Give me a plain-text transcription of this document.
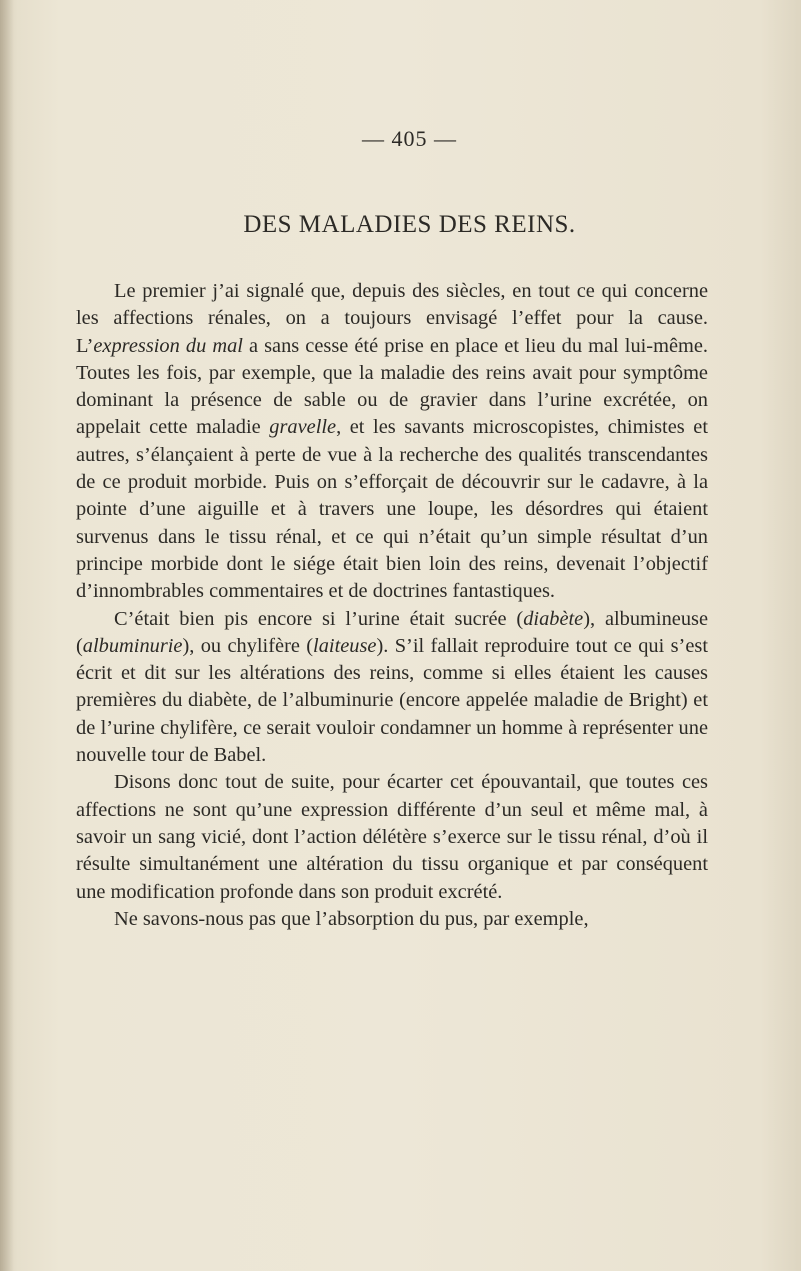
— 405 —
DES MALADIES DES REINS.

Le premier j’ai signalé que, depuis des siècles, en tout ce qui concerne les affections rénales, on a toujours envisagé l’effet pour la cause. L’expression du mal a sans cesse été prise en place et lieu du mal lui-même. Toutes les fois, par exemple, que la maladie des reins avait pour symptôme dominant la présence de sable ou de gravier dans l’urine excrétée, on appelait cette maladie gravelle, et les savants microscopistes, chimistes et autres, s’élançaient à perte de vue à la recherche des qualités transcendantes de ce produit morbide. Puis on s’efforçait de découvrir sur le cadavre, à la pointe d’une aiguille et à travers une loupe, les désordres qui étaient survenus dans le tissu rénal, et ce qui n’était qu’un simple résultat d’un principe morbide dont le siége était bien loin des reins, devenait l’objectif d’innombrables commentaires et de doctrines fantastiques.

C’était bien pis encore si l’urine était sucrée (diabète), albumineuse (albuminurie), ou chylifère (laiteuse). S’il fallait reproduire tout ce qui s’est écrit et dit sur les altérations des reins, comme si elles étaient les causes premières du diabète, de l’albuminurie (encore appelée maladie de Bright) et de l’urine chylifère, ce serait vouloir condamner un homme à représenter une nouvelle tour de Babel.

Disons donc tout de suite, pour écarter cet épouvantail, que toutes ces affections ne sont qu’une expression différente d’un seul et même mal, à savoir un sang vicié, dont l’action délétère s’exerce sur le tissu rénal, d’où il résulte simultanément une altération du tissu organique et par conséquent une modification profonde dans son produit excrété.

Ne savons-nous pas que l’absorption du pus, par exemple,
